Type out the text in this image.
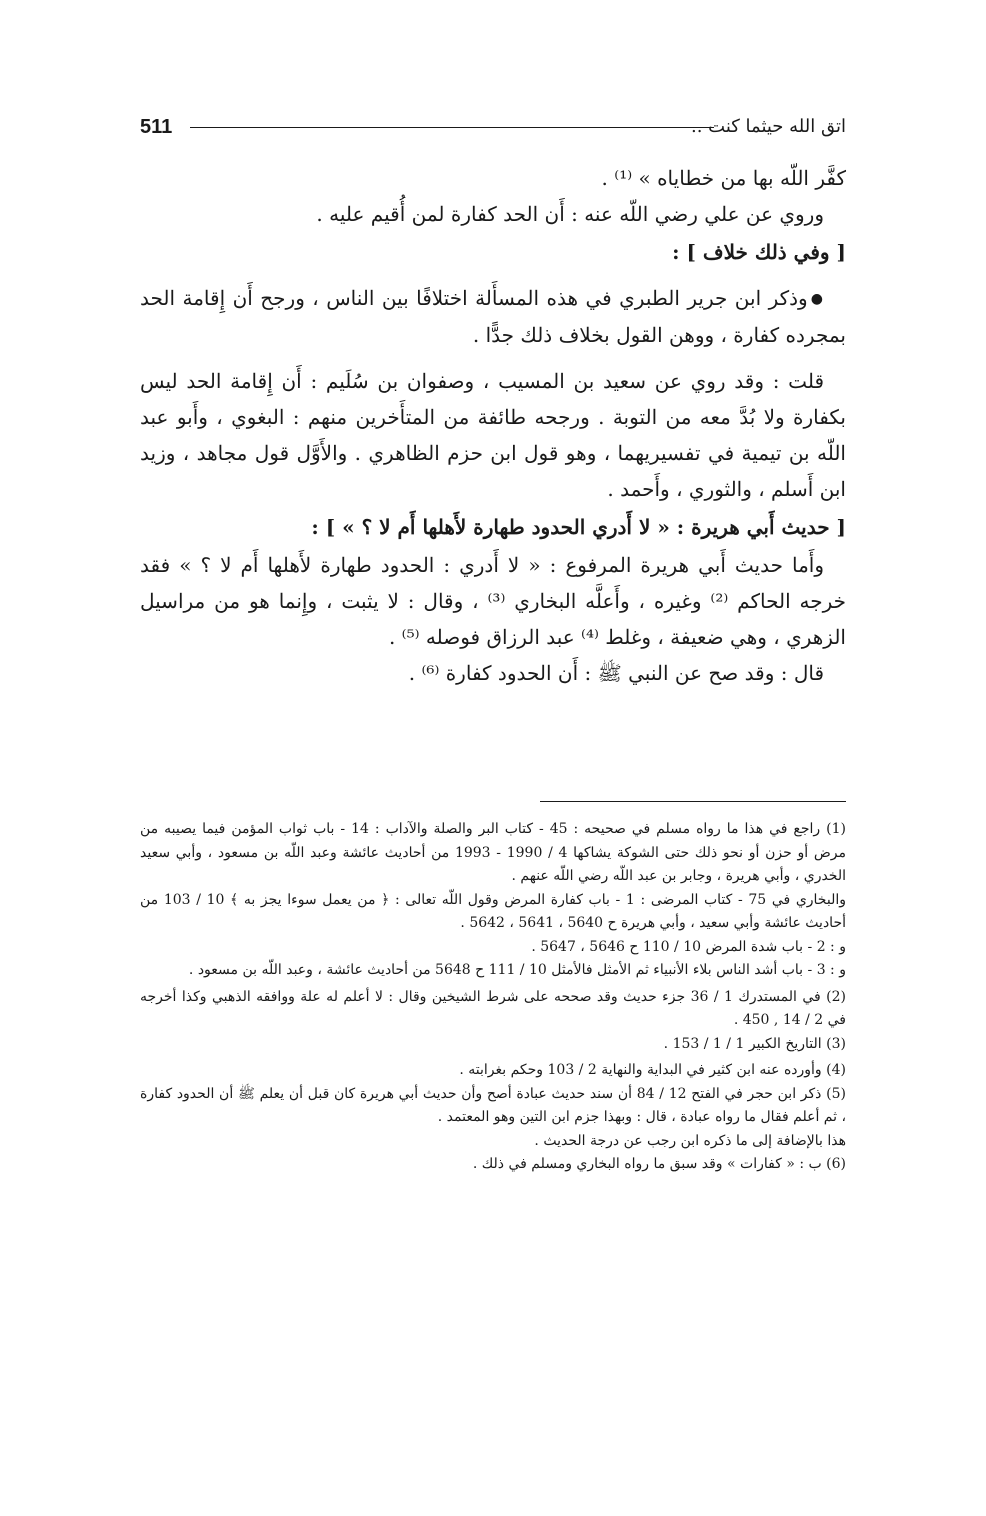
511	اتق الله حيثما كنت ..

كفَّر اللّه بها من خطاياه » ⁽¹⁾ .

وروي عن علي رضي اللّه عنه : أَن الحد كفارة لمن أُقيم عليه .

[ وفي ذلك خلاف ] :

●وذكر ابن جرير الطبري في هذه المسأَلة اختلافًا بين الناس ، ورجح أَن إِقامة الحد بمجرده كفارة ، ووهن القول بخلاف ذلك جدًّا .

قلت : وقد روي عن سعيد بن المسيب ، وصفوان بن سُلَيم : أَن إِقامة الحد ليس بكفارة ولا بُدَّ معه من التوبة . ورجحه طائفة من المتأَخرين منهم : البغوي ، وأَبو عبد اللّه بن تيمية في تفسيريهما ، وهو قول ابن حزم الظاهري . والأَوَّل قول مجاهد ، وزيد ابن أَسلم ، والثوري ، وأَحمد .

[ حديث أَبي هريرة : « لا أَدري الحدود طهارة لأَهلها أَم لا ؟ » ] :

وأَما حديث أَبي هريرة المرفوع : « لا أَدري : الحدود طهارة لأَهلها أَم لا ؟ » فقد خرجه الحاكم ⁽²⁾ وغيره ، وأَعلَّه البخاري ⁽³⁾ ، وقال : لا يثبت ، وإِنما هو من مراسيل الزهري ، وهي ضعيفة ، وغلط ⁽⁴⁾ عبد الرزاق فوصله ⁽⁵⁾ .

قال : وقد صح عن النبي ﷺ : أَن الحدود كفارة ⁽⁶⁾ .

(1) راجع في هذا ما رواه مسلم في صحيحه : 45 - كتاب البر والصلة والآداب : 14 - باب ثواب المؤمن فيما يصيبه من مرض أو حزن أو نحو ذلك حتى الشوكة يشاكها 4 / 1990 - 1993 من أحاديث عائشة وعبد اللّه بن مسعود ، وأبي سعيد الخدري ، وأبي هريرة ، وجابر بن عبد اللّه رضي اللّه عنهم .

والبخاري في 75 - كتاب المرضى : 1 - باب كفارة المرض وقول اللّه تعالى : ﴿ من يعمل سوءا يجز به ﴾ 10 / 103 من أحاديث عائشة وأبي سعيد ، وأبي هريرة ح 5640 ، 5641 ، 5642 .

و : 2 - باب شدة المرض 10 / 110 ح 5646 ، 5647 .

و : 3 - باب أشد الناس بلاء الأنبياء ثم الأمثل فالأمثل 10 / 111 ح 5648 من أحاديث عائشة ، وعبد اللّه بن مسعود .

(2) في المستدرك 1 / 36 جزء حديث وقد صححه على شرط الشيخين وقال : لا أعلم له علة ووافقه الذهبي وكذا أخرجه في 2 / 14 , 450 .

(3) التاريخ الكبير 1 / 1 / 153 .

(4) وأورده عنه ابن كثير في البداية والنهاية 2 / 103 وحكم بغرابته .

(5) ذكر ابن حجر في الفتح 12 / 84 أن سند حديث عبادة أصح وأن حديث أبي هريرة كان قبل أن يعلم ﷺ أن الحدود كفارة ، ثم أعلم فقال ما رواه عبادة ، قال : وبهذا جزم ابن التين وهو المعتمد .

هذا بالإضافة إلى ما ذكره ابن رجب عن درجة الحديث .

(6) ب : « كفارات » وقد سبق ما رواه البخاري ومسلم في ذلك .
